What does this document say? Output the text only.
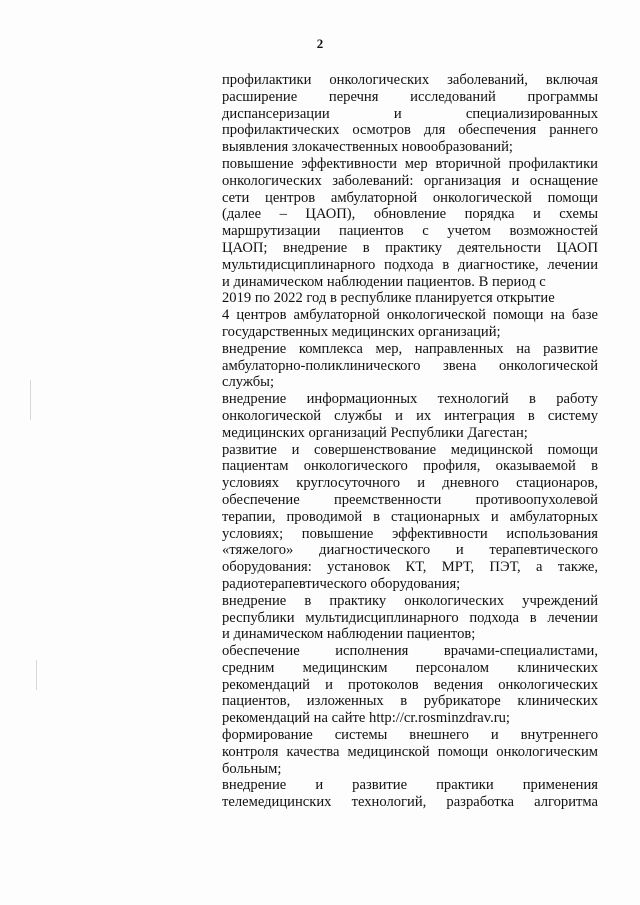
2
профилактики онкологических заболеваний, включая
расширение перечня исследований программы
диспансеризации и специализированных
профилактических осмотров для обеспечения раннего
выявления злокачественных новообразований;
повышение эффективности мер вторичной профилактики
онкологических заболеваний: организация и оснащение
сети центров амбулаторной онкологической помощи
(далее – ЦАОП), обновление порядка и схемы
маршрутизации пациентов с учетом возможностей
ЦАОП; внедрение в практику деятельности ЦАОП
мультидисциплинарного подхода в диагностике, лечении
и динамическом наблюдении пациентов. В период с
2019 по 2022 год в республике планируется открытие
4 центров амбулаторной онкологической помощи на базе
государственных медицинских организаций;
внедрение комплекса мер, направленных на развитие
амбулаторно-поликлинического звена онкологической
службы;
внедрение информационных технологий в работу
онкологической службы и их интеграция в систему
медицинских организаций Республики Дагестан;
развитие и совершенствование медицинской помощи
пациентам онкологического профиля, оказываемой в
условиях круглосуточного и дневного стационаров,
обеспечение преемственности противоопухолевой
терапии, проводимой в стационарных и амбулаторных
условиях; повышение эффективности использования
«тяжелого» диагностического и терапевтического
оборудования: установок КТ, МРТ, ПЭТ, а также,
радиотерапевтического оборудования;
внедрение в практику онкологических учреждений
республики мультидисциплинарного подхода в лечении
и динамическом наблюдении пациентов;
обеспечение исполнения врачами-специалистами,
средним медицинским персоналом клинических
рекомендаций и протоколов ведения онкологических
пациентов, изложенных в рубрикаторе клинических
рекомендаций на сайте http://cr.rosminzdrav.ru;
формирование системы внешнего и внутреннего
контроля качества медицинской помощи онкологическим
больным;
внедрение и развитие практики применения
телемедицинских технологий, разработка алгоритма
